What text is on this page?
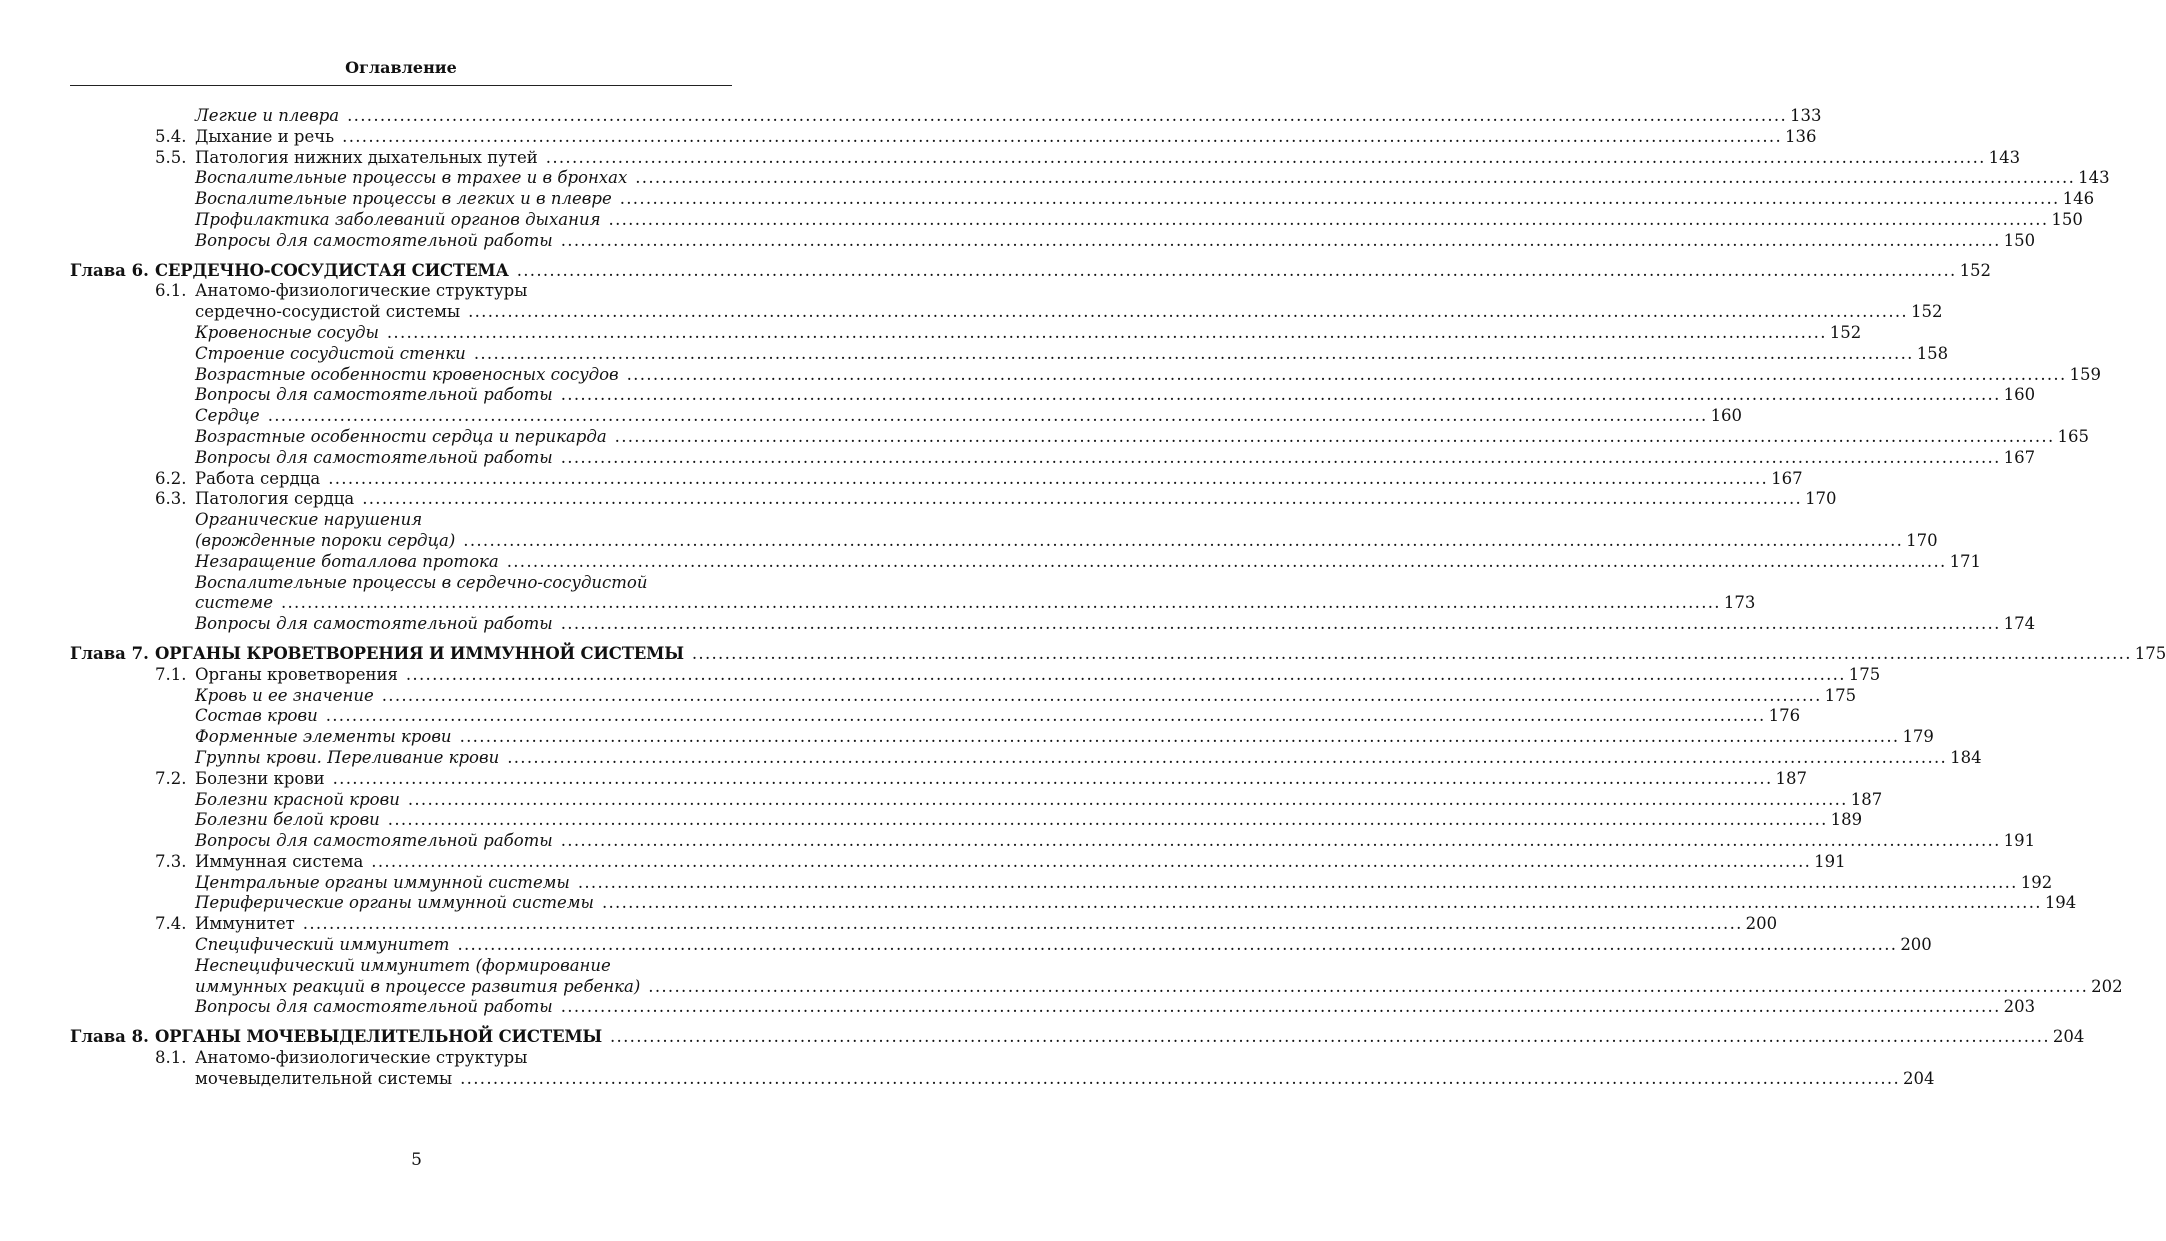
Оглавление
Легкие и плевра ............................................................................................................................................................................................................................ 133
5.4. Дыхание и речь ............................................................................................................................................................................................................................ 136
5.5. Патология нижних дыхательных путей ............................................................................................................................................................................................................................ 143
Воспалительные процессы в трахее и в бронхах ............................................................................................................................................................................................................................ 143
Воспалительные процессы в легких и в плевре ............................................................................................................................................................................................................................ 146
Профилактика заболеваний органов дыхания ............................................................................................................................................................................................................................ 150
Вопросы для самостоятельной работы ............................................................................................................................................................................................................................ 150
Глава 6. СЕРДЕЧНО-СОСУДИСТАЯ СИСТЕМА ............................................................................................................................................................................................................................ 152
6.1. Анатомо-физиологические структуры
сердечно-сосудистой системы ............................................................................................................................................................................................................................ 152
Кровеносные сосуды ............................................................................................................................................................................................................................ 152
Строение сосудистой стенки ............................................................................................................................................................................................................................ 158
Возрастные особенности кровеносных сосудов ............................................................................................................................................................................................................................ 159
Вопросы для самостоятельной работы ............................................................................................................................................................................................................................ 160
Сердце ............................................................................................................................................................................................................................ 160
Возрастные особенности сердца и перикарда ............................................................................................................................................................................................................................ 165
Вопросы для самостоятельной работы ............................................................................................................................................................................................................................ 167
6.2. Работа сердца ............................................................................................................................................................................................................................ 167
6.3. Патология сердца ............................................................................................................................................................................................................................ 170
Органические нарушения
(врожденные пороки сердца) ............................................................................................................................................................................................................................ 170
Незаращение боталлова протока ............................................................................................................................................................................................................................ 171
Воспалительные процессы в сердечно-сосудистой
системе ............................................................................................................................................................................................................................ 173
Вопросы для самостоятельной работы ............................................................................................................................................................................................................................ 174
Глава 7. ОРГАНЫ КРОВЕТВОРЕНИЯ И ИММУННОЙ СИСТЕМЫ ............................................................................................................................................................................................................................ 175
7.1. Органы кроветворения ............................................................................................................................................................................................................................ 175
Кровь и ее значение ............................................................................................................................................................................................................................ 175
Состав крови ............................................................................................................................................................................................................................ 176
Форменные элементы крови ............................................................................................................................................................................................................................ 179
Группы крови. Переливание крови ............................................................................................................................................................................................................................ 184
7.2. Болезни крови ............................................................................................................................................................................................................................ 187
Болезни красной крови ............................................................................................................................................................................................................................ 187
Болезни белой крови ............................................................................................................................................................................................................................ 189
Вопросы для самостоятельной работы ............................................................................................................................................................................................................................ 191
7.3. Иммунная система ............................................................................................................................................................................................................................ 191
Центральные органы иммунной системы ............................................................................................................................................................................................................................ 192
Периферические органы иммунной системы ............................................................................................................................................................................................................................ 194
7.4. Иммунитет ............................................................................................................................................................................................................................ 200
Специфический иммунитет ............................................................................................................................................................................................................................ 200
Неспецифический иммунитет (формирование
иммунных реакций в процессе развития ребенка) ............................................................................................................................................................................................................................ 202
Вопросы для самостоятельной работы ............................................................................................................................................................................................................................ 203
Глава 8. ОРГАНЫ МОЧЕВЫДЕЛИТЕЛЬНОЙ СИСТЕМЫ ............................................................................................................................................................................................................................ 204
8.1. Анатомо-физиологические структуры
мочевыделительной системы ............................................................................................................................................................................................................................ 204
5
